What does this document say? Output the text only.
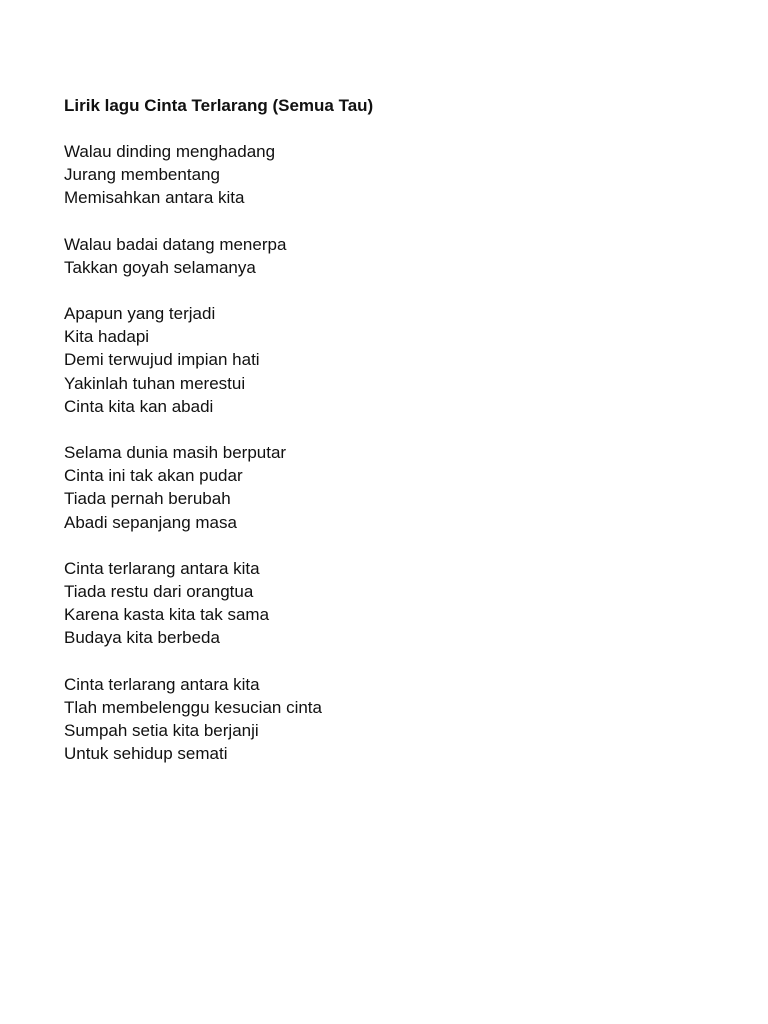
Lirik lagu Cinta Terlarang (Semua Tau)
Walau dinding menghadang
Jurang membentang
Memisahkan antara kita
Walau badai datang menerpa
Takkan goyah selamanya
Apapun yang terjadi
Kita hadapi
Demi terwujud impian hati
Yakinlah tuhan merestui
Cinta kita kan abadi
Selama dunia masih berputar
Cinta ini tak akan pudar
Tiada pernah berubah
Abadi sepanjang masa
Cinta terlarang antara kita
Tiada restu dari orangtua
Karena kasta kita tak sama
Budaya kita berbeda
Cinta terlarang antara kita
Tlah membelenggu kesucian cinta
Sumpah setia kita berjanji
Untuk sehidup semati
